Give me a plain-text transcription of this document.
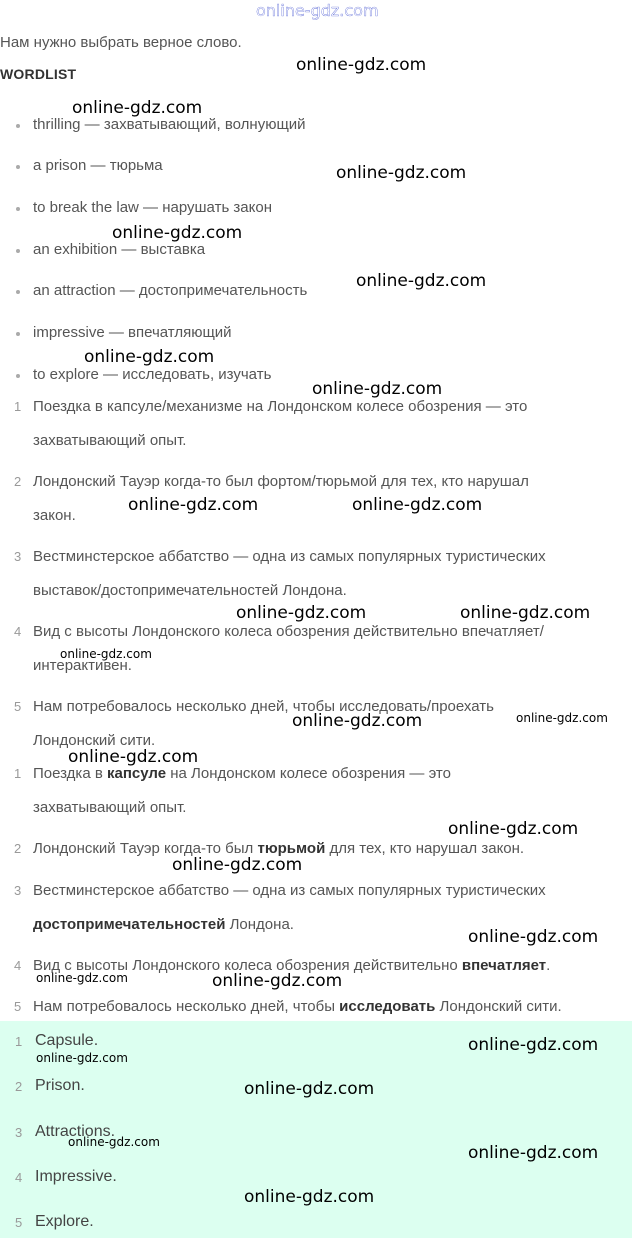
online-gdz.com
Нам нужно выбрать верное слово.
WORDLIST
thrilling — захватывающий, волнующий
a prison — тюрьма
to break the law — нарушать закон
an exhibition — выставка
an attraction — достопримечательность
impressive — впечатляющий
to explore — исследовать, изучать
1 Поездка в капсуле/механизме на Лондонском колесе обозрения — это
захватывающий опыт.
2 Лондонский Тауэр когда-то был фортом/тюрьмой для тех, кто нарушал
закон.
3 Вестминстерское аббатство — одна из самых популярных туристических
выставок/достопримечательностей Лондона.
4 Вид с высоты Лондонского колеса обозрения действительно впечатляет/
интерактивен.
5 Нам потребовалось несколько дней, чтобы исследовать/проехать
Лондонский сити.
1 Поездка в капсуле на Лондонском колесе обозрения — это
захватывающий опыт.
2 Лондонский Тауэр когда-то был тюрьмой для тех, кто нарушал закон.
3 Вестминстерское аббатство — одна из самых популярных туристических
достопримечательностей Лондона.
4 Вид с высоты Лондонского колеса обозрения действительно впечатляет.
5 Нам потребовалось несколько дней, чтобы исследовать Лондонский сити.
1 Capsule.
2 Prison.
3 Attractions.
4 Impressive.
5 Explore.
online-gdz.com
online-gdz.com
online-gdz.com
online-gdz.com
online-gdz.com
online-gdz.com
online-gdz.com
online-gdz.com	online-gdz.com
online-gdz.com	online-gdz.com
online-gdz.com
online-gdz.com	online-gdz.com
online-gdz.com
online-gdz.com
online-gdz.com
online-gdz.com
online-gdz.com	online-gdz.com
online-gdz.com
online-gdz.com
online-gdz.com
online-gdz.com
online-gdz.com
online-gdz.com
